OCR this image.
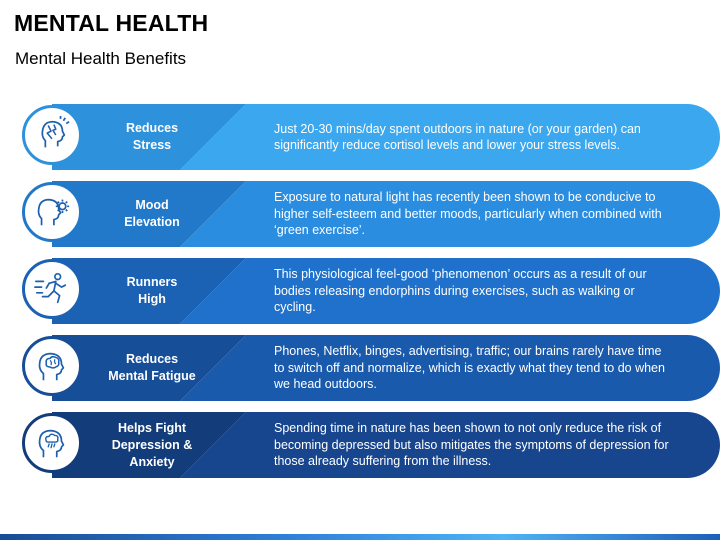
MENTAL HEALTH
Mental Health Benefits
Reduces
Stress
Just 20-30 mins/day spent outdoors in nature (or your garden) can significantly reduce cortisol levels and lower your stress levels.
Mood
Elevation
Exposure to natural light has recently been shown to be conducive to higher self-esteem and better moods, particularly when combined with ‘green exercise’.
Runners
High
This physiological feel-good ‘phenomenon’ occurs as a result of our bodies releasing endorphins during exercises, such as walking or cycling.
Reduces
Mental Fatigue
Phones, Netflix, binges, advertising, traffic; our brains rarely have time to switch off and normalize, which is exactly what they tend to do when we head outdoors.
Helps Fight
Depression &
Anxiety
Spending time in nature has been shown to not only reduce the risk of becoming depressed but also mitigates the symptoms of depression for those already suffering from the illness.
